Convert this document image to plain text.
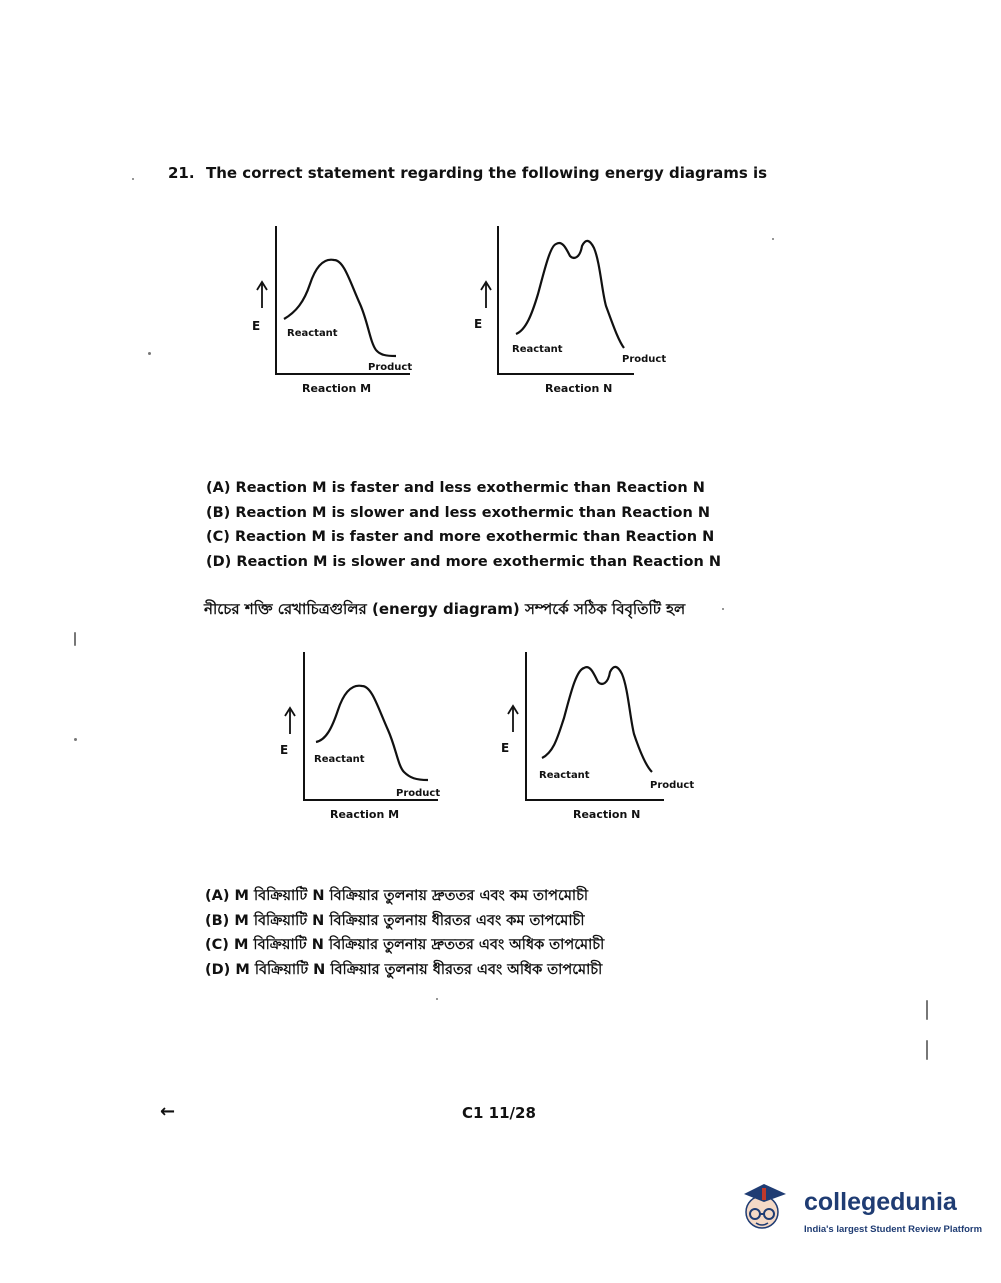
21. The correct statement regarding the following energy diagrams is
E
Reactant
Product
Reaction M
E
Reactant
Product
Reaction N
(A) Reaction M is faster and less exothermic than Reaction N
(B) Reaction M is slower and less exothermic than Reaction N
(C) Reaction M is faster and more exothermic than Reaction N
(D) Reaction M is slower and more exothermic than Reaction N
নীচের শক্তি রেখাচিত্রগুলির (energy diagram) সম্পর্কে সঠিক বিবৃতিটি হল
E
Reactant
Product
Reaction M
E
Reactant
Product
Reaction N
(A) M বিক্রিয়াটি N বিক্রিয়ার তুলনায় দ্রুততর এবং কম তাপমোচী
(B) M বিক্রিয়াটি N বিক্রিয়ার তুলনায় ধীরতর এবং কম তাপমোচী
(C) M বিক্রিয়াটি N বিক্রিয়ার তুলনায় দ্রুততর এবং অধিক তাপমোচী
(D) M বিক্রিয়াটি N বিক্রিয়ার তুলনায় ধীরতর এবং অধিক তাপমোচী
←	C1 11/28
collegedunia
India's largest Student Review Platform
